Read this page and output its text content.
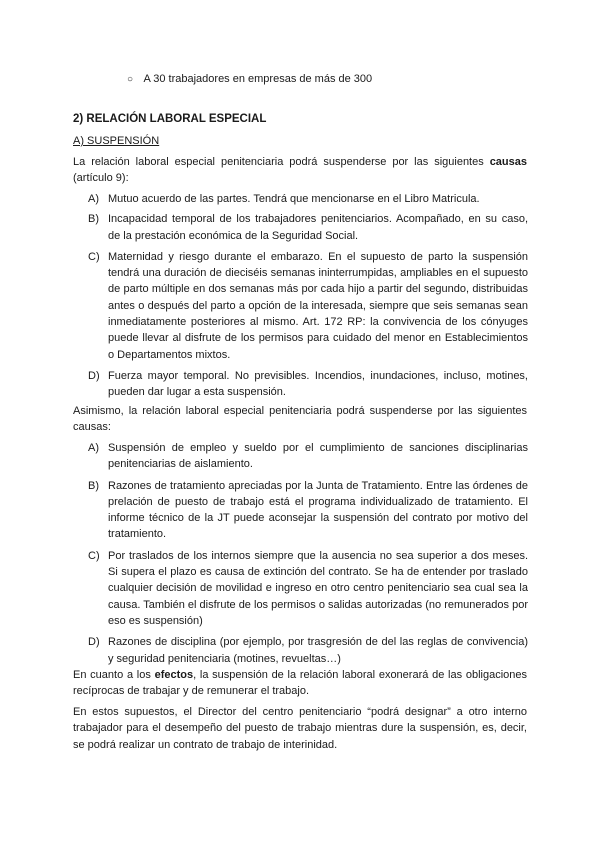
○ A 30 trabajadores en empresas de más de 300
2) RELACIÓN LABORAL ESPECIAL
A) SUSPENSIÓN
La relación laboral especial penitenciaria podrá suspenderse por las siguientes causas (artículo 9):
A) Mutuo acuerdo de las partes. Tendrá que mencionarse en el Libro Matricula.
B) Incapacidad temporal de los trabajadores penitenciarios. Acompañado, en su caso, de la prestación económica de la Seguridad Social.
C) Maternidad y riesgo durante el embarazo. En el supuesto de parto la suspensión tendrá una duración de dieciséis semanas ininterrumpidas, ampliables en el supuesto de parto múltiple en dos semanas más por cada hijo a partir del segundo, distribuidas antes o después del parto a opción de la interesada, siempre que seis semanas sean inmediatamente posteriores al mismo. Art. 172 RP: la convivencia de los cónyuges puede llevar al disfrute de los permisos para cuidado del menor en Establecimientos o Departamentos mixtos.
D) Fuerza mayor temporal. No previsibles. Incendios, inundaciones, incluso, motines, pueden dar lugar a esta suspensión.
Asimismo, la relación laboral especial penitenciaria podrá suspenderse por las siguientes causas:
A) Suspensión de empleo y sueldo por el cumplimiento de sanciones disciplinarias penitenciarias de aislamiento.
B) Razones de tratamiento apreciadas por la Junta de Tratamiento. Entre las órdenes de prelación de puesto de trabajo está el programa individualizado de tratamiento. El informe técnico de la JT puede aconsejar la suspensión del contrato por motivo del tratamiento.
C) Por traslados de los internos siempre que la ausencia no sea superior a dos meses. Si supera el plazo es causa de extinción del contrato. Se ha de entender por traslado cualquier decisión de movilidad e ingreso en otro centro penitenciario sea cual sea la causa. También el disfrute de los permisos o salidas autorizadas (no remunerados por eso es suspensión)
D) Razones de disciplina (por ejemplo, por trasgresión de del las reglas de convivencia) y seguridad penitenciaria (motines, revueltas…)
En cuanto a los efectos, la suspensión de la relación laboral exonerará de las obligaciones recíprocas de trabajar y de remunerar el trabajo.
En estos supuestos, el Director del centro penitenciario “podrá designar” a otro interno trabajador para el desempeño del puesto de trabajo mientras dure la suspensión, es, decir, se podrá realizar un contrato de trabajo de interinidad.
